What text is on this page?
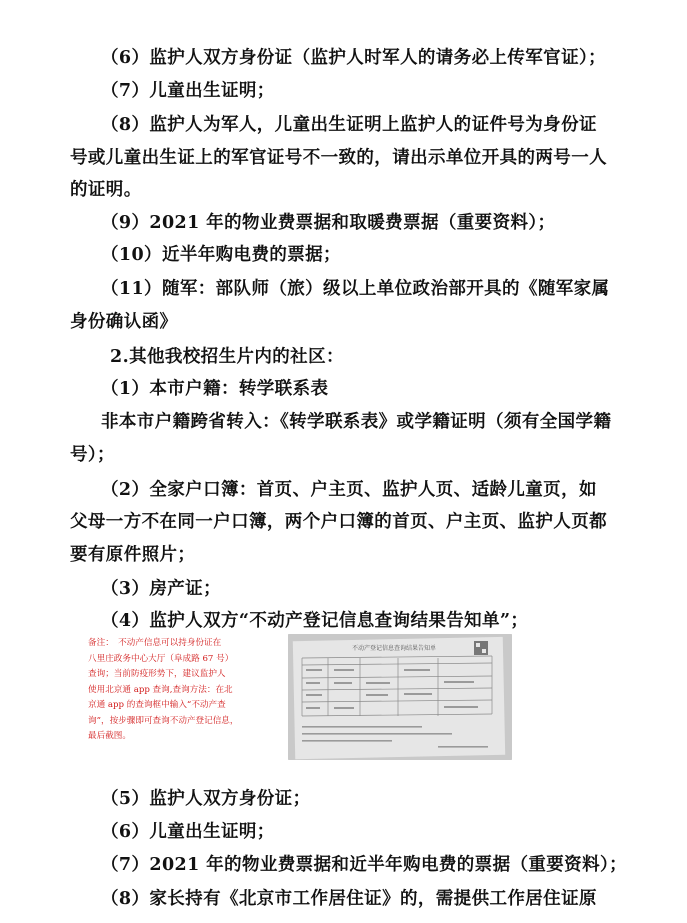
（6）监护人双方身份证（监护人时军人的请务必上传军官证）；
（7）儿童出生证明；
（8）监护人为军人，儿童出生证明上监护人的证件号为身份证
号或儿童出生证上的军官证号不一致的，请出示单位开具的两号一人
的证明。
（9）2021 年的物业费票据和取暖费票据（重要资料）；
（10）近半年购电费的票据；
（11）随军：部队师（旅）级以上单位政治部开具的《随军家属
身份确认函》
2.其他我校招生片内的社区：
（1）本市户籍：转学联系表
非本市户籍跨省转入：《转学联系表》或学籍证明（须有全国学籍
号）；
（2）全家户口簿：首页、户主页、监护人页、适龄儿童页，如
父母一方不在同一户口簿，两个户口簿的首页、户主页、监护人页都
要有原件照片；
（3）房产证；
（4）监护人双方“不动产登记信息查询结果告知单”；
备注：　不动产信息可以持身份证在
八里庄政务中心大厅（阜成路 67 号）
查询；当前防疫形势下，建议监护人
使用北京通 app 查询,查询方法：在北
京通 app 的查询框中输入“不动产查
询”，按步骤即可查询不动产登记信息，
最后截图。
不动产登记信息查询结果告知单
（5）监护人双方身份证；
（6）儿童出生证明；
（7）2021 年的物业费票据和近半年购电费的票据（重要资料）；
（8）家长持有《北京市工作居住证》的，需提供工作居住证原
